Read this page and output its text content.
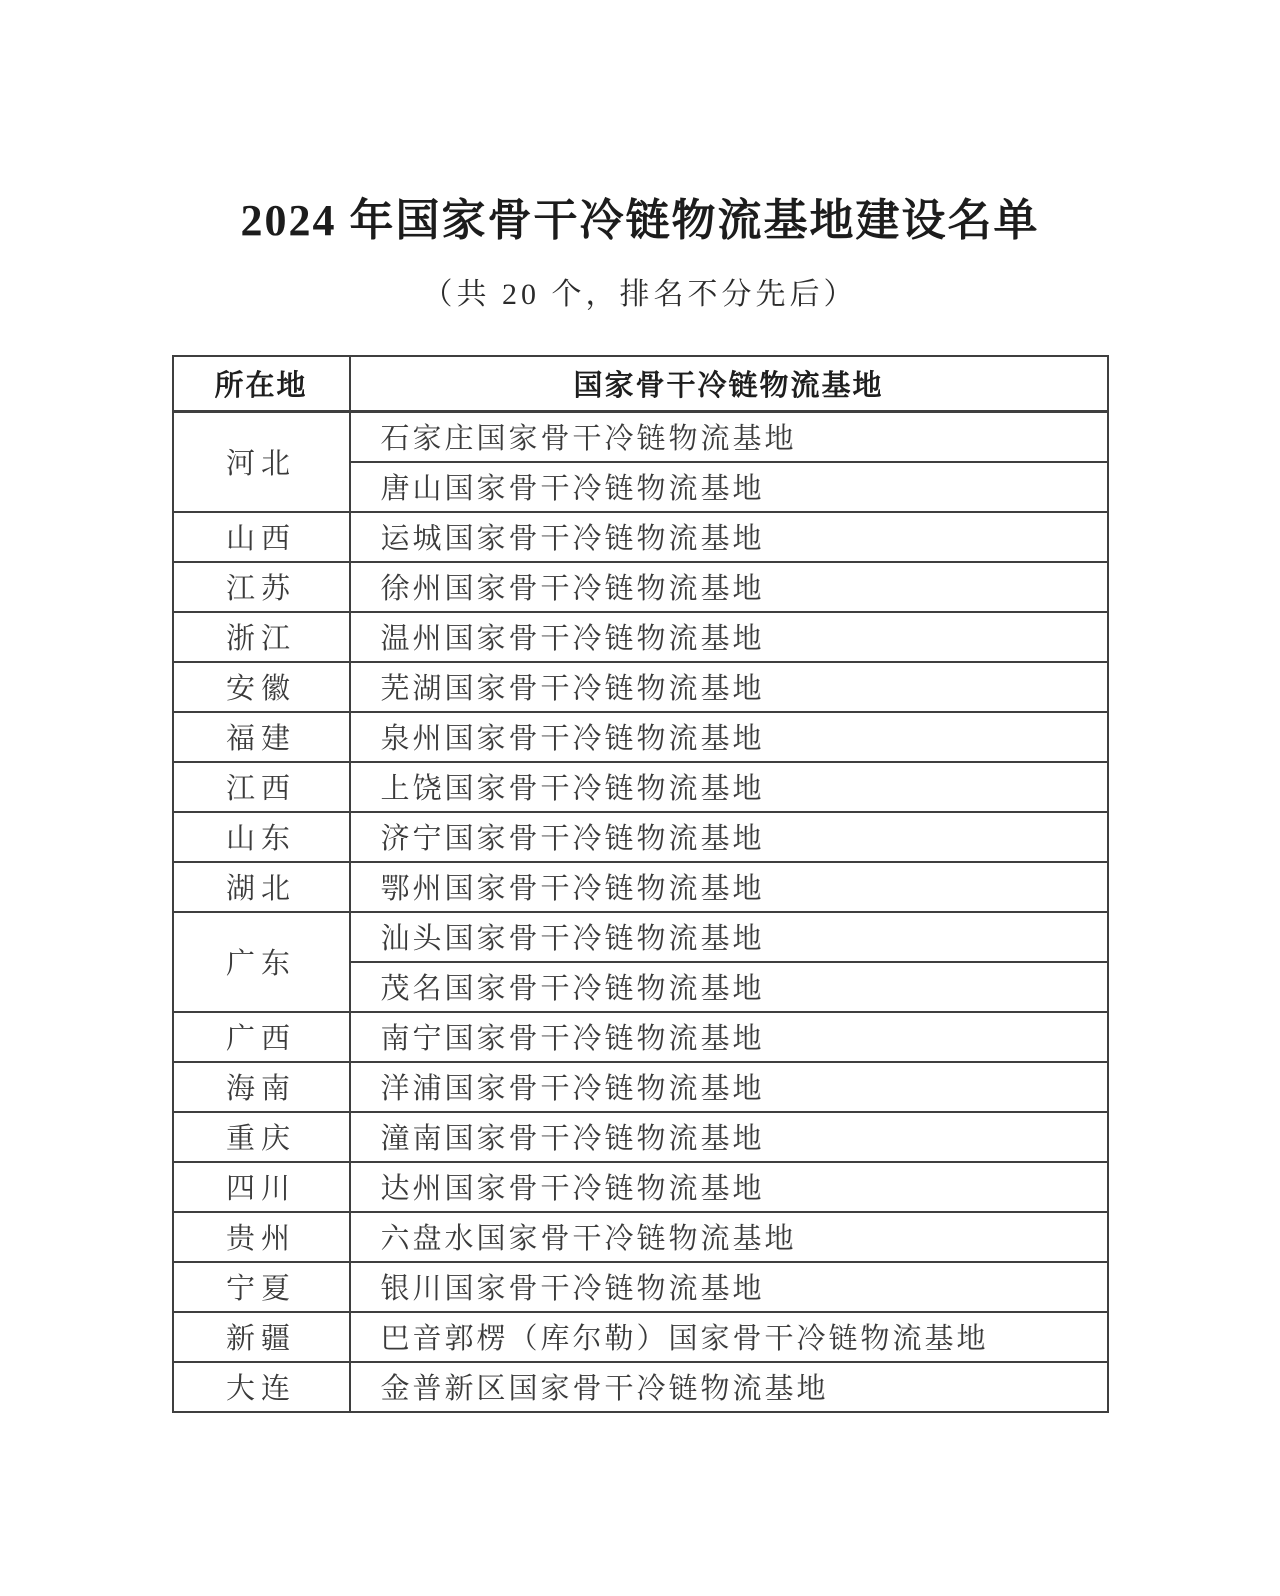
2024 年国家骨干冷链物流基地建设名单
（共 20 个，排名不分先后）
所在地	国家骨干冷链物流基地
河北	石家庄国家骨干冷链物流基地
	唐山国家骨干冷链物流基地
山西	运城国家骨干冷链物流基地
江苏	徐州国家骨干冷链物流基地
浙江	温州国家骨干冷链物流基地
安徽	芜湖国家骨干冷链物流基地
福建	泉州国家骨干冷链物流基地
江西	上饶国家骨干冷链物流基地
山东	济宁国家骨干冷链物流基地
湖北	鄂州国家骨干冷链物流基地
广东	汕头国家骨干冷链物流基地
	茂名国家骨干冷链物流基地
广西	南宁国家骨干冷链物流基地
海南	洋浦国家骨干冷链物流基地
重庆	潼南国家骨干冷链物流基地
四川	达州国家骨干冷链物流基地
贵州	六盘水国家骨干冷链物流基地
宁夏	银川国家骨干冷链物流基地
新疆	巴音郭楞（库尔勒）国家骨干冷链物流基地
大连	金普新区国家骨干冷链物流基地
